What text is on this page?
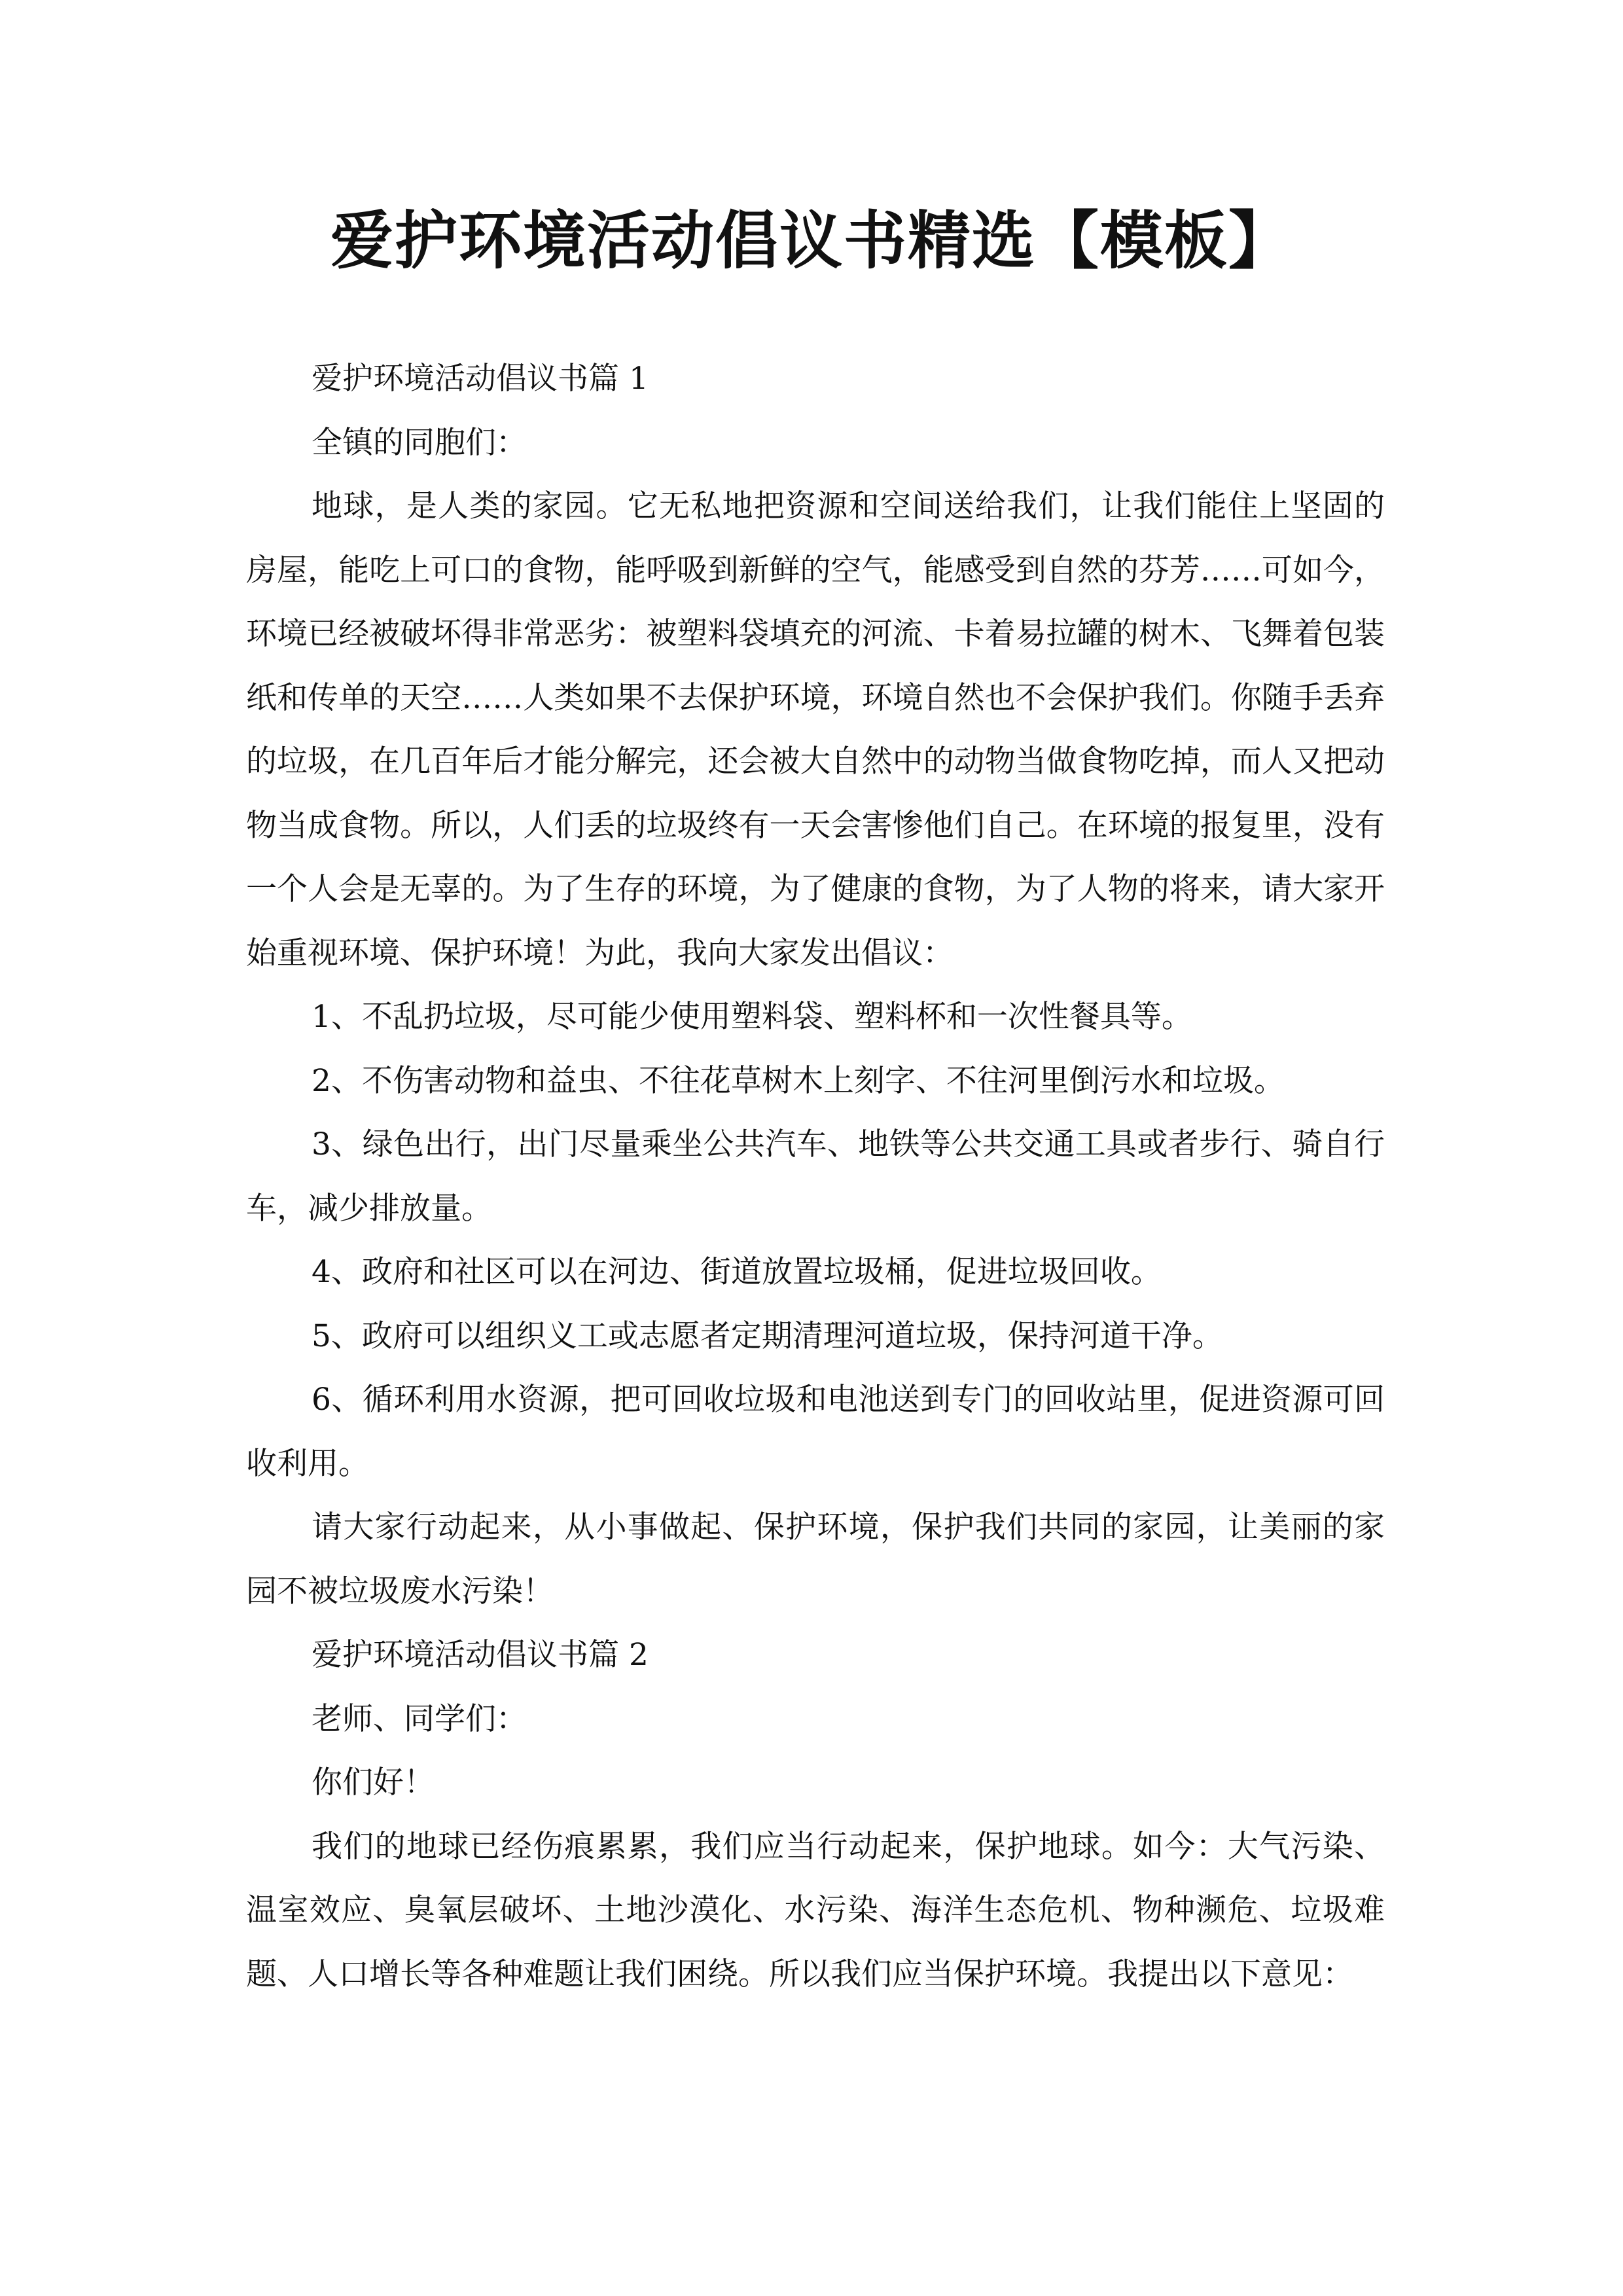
爱护环境活动倡议书精选【模板】

爱护环境活动倡议书篇 1

全镇的同胞们：

地球，是人类的家园。它无私地把资源和空间送给我们，让我们能住上坚固的房屋，能吃上可口的食物，能呼吸到新鲜的空气，能感受到自然的芬芳……可如今，环境已经被破坏得非常恶劣：被塑料袋填充的河流、卡着易拉罐的树木、飞舞着包装纸和传单的天空……人类如果不去保护环境，环境自然也不会保护我们。你随手丢弃的垃圾，在几百年后才能分解完，还会被大自然中的动物当做食物吃掉，而人又把动物当成食物。所以，人们丢的垃圾终有一天会害惨他们自己。在环境的报复里，没有一个人会是无辜的。为了生存的环境，为了健康的食物，为了人物的将来，请大家开始重视环境、保护环境！为此，我向大家发出倡议：

1、不乱扔垃圾，尽可能少使用塑料袋、塑料杯和一次性餐具等。

2、不伤害动物和益虫、不往花草树木上刻字、不往河里倒污水和垃圾。

3、绿色出行，出门尽量乘坐公共汽车、地铁等公共交通工具或者步行、骑自行车，减少排放量。

4、政府和社区可以在河边、街道放置垃圾桶，促进垃圾回收。

5、政府可以组织义工或志愿者定期清理河道垃圾，保持河道干净。

6、循环利用水资源，把可回收垃圾和电池送到专门的回收站里，促进资源可回收利用。

请大家行动起来，从小事做起、保护环境，保护我们共同的家园，让美丽的家园不被垃圾废水污染！

爱护环境活动倡议书篇 2

老师、同学们：

你们好！

我们的地球已经伤痕累累，我们应当行动起来，保护地球。如今：大气污染、温室效应、臭氧层破坏、土地沙漠化、水污染、海洋生态危机、物种濒危、垃圾难题、人口增长等各种难题让我们困绕。所以我们应当保护环境。我提出以下意见：
